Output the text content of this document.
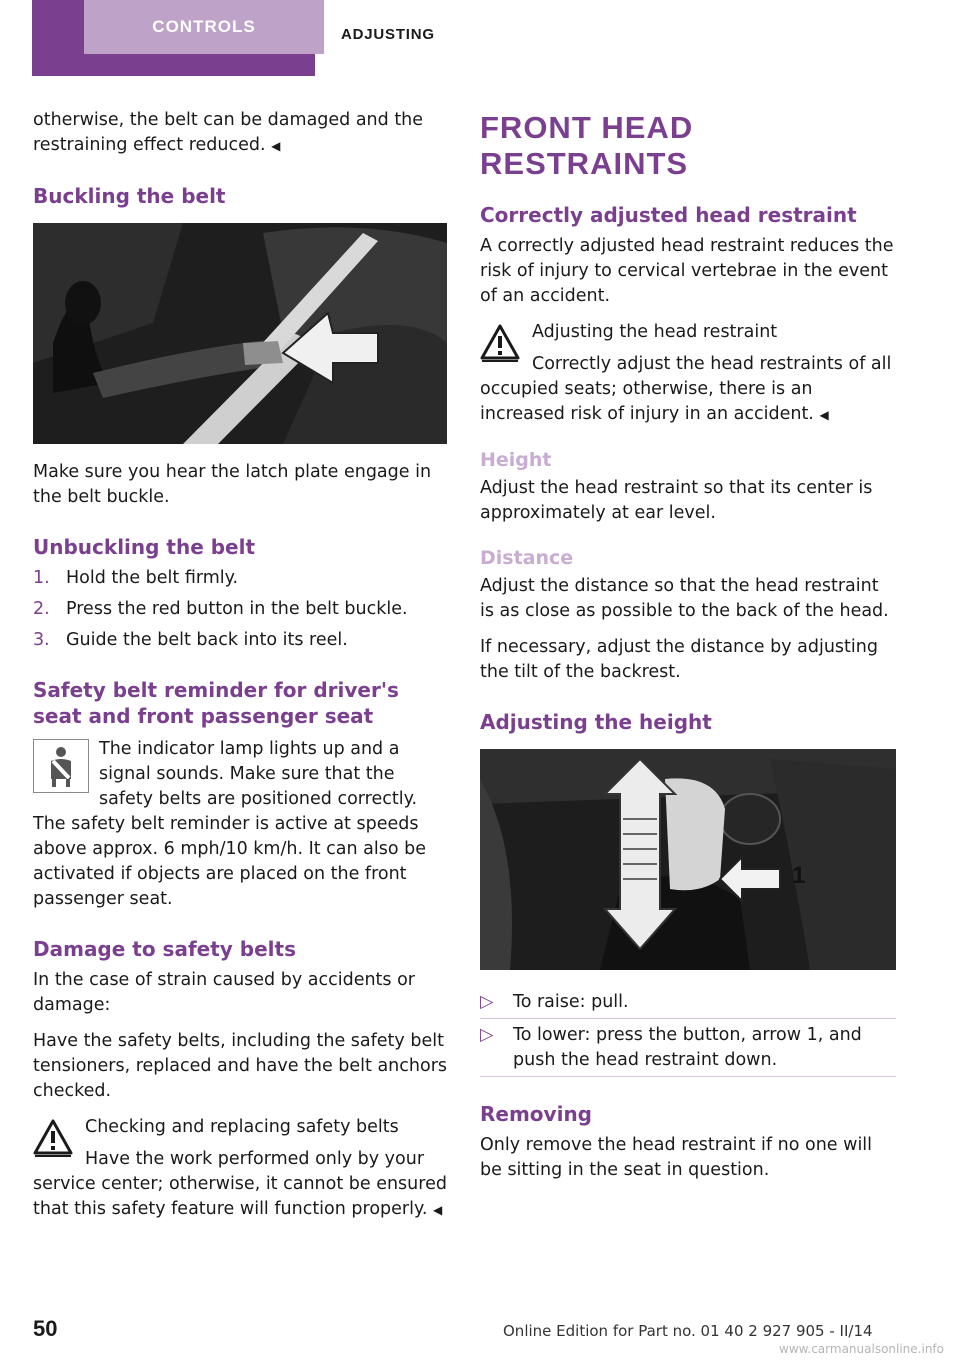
CONTROLS	ADJUSTING

otherwise, the belt can be damaged and the restraining effect reduced. ◀

Buckling the belt

Make sure you hear the latch plate engage in the belt buckle.

Unbuckling the belt
1. Hold the belt firmly.
2. Press the red button in the belt buckle.
3. Guide the belt back into its reel.
Safety belt reminder for driver's seat and front passenger seat
The indicator lamp lights up and a signal sounds. Make sure that the safety belts are positioned correctly. The safety belt reminder is active at speeds above approx. 6 mph/10 km/h. It can also be activated if objects are placed on the front passenger seat.
Damage to safety belts

In the case of strain caused by accidents or damage:

Have the safety belts, including the safety belt tensioners, replaced and have the belt anchors checked.

Checking and replacing safety belts
Have the work performed only by your service center; otherwise, it cannot be ensured that this safety feature will function properly. ◀
FRONT HEAD RESTRAINTS
Correctly adjusted head restraint

A correctly adjusted head restraint reduces the risk of injury to cervical vertebrae in the event of an accident.

Adjusting the head restraint
Correctly adjust the head restraints of all occupied seats; otherwise, there is an increased risk of injury in an accident. ◀
Height

Adjust the head restraint so that its center is approximately at ear level.

Distance

Adjust the distance so that the head restraint is as close as possible to the back of the head.

If necessary, adjust the distance by adjusting the tilt of the backrest.

Adjusting the height
1
▷	To raise: pull.
▷	To lower: press the button, arrow 1, and push the head restraint down.
Removing

Only remove the head restraint if no one will be sitting in the seat in question.

50	Online Edition for Part no. 01 40 2 927 905 - II/14
www.carmanualsonline.info
